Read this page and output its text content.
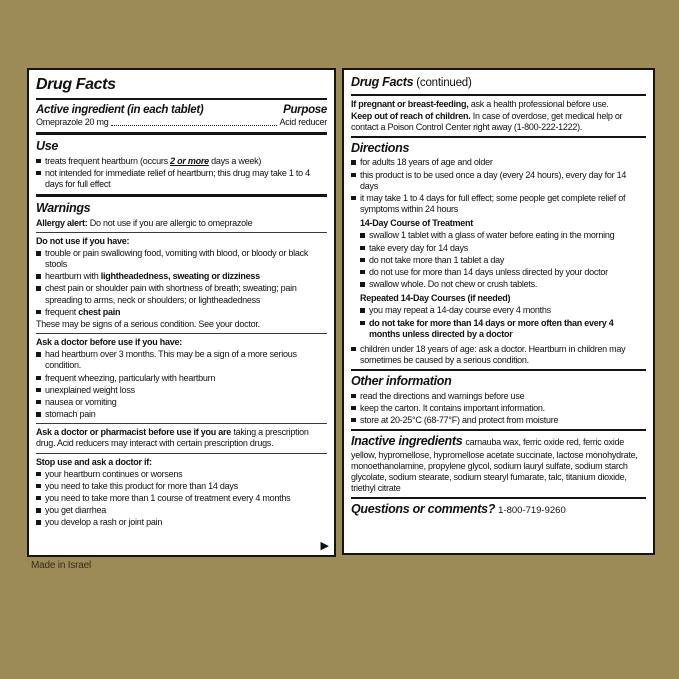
Drug Facts
Active ingredient (in each tablet)	Purpose
Omeprazole 20 mg	Acid reducer
Use
treats frequent heartburn (occurs 2 or more days a week)
not intended for immediate relief of heartburn; this drug may take 1 to 4 days for full effect
Warnings
Allergy alert: Do not use if you are allergic to omeprazole
Do not use if you have:
trouble or pain swallowing food, vomiting with blood, or bloody or black stools
heartburn with lightheadedness, sweating or dizziness
chest pain or shoulder pain with shortness of breath; sweating; pain spreading to arms, neck or shoulders; or lightheadedness
frequent chest pain
These may be signs of a serious condition. See your doctor.
Ask a doctor before use if you have:
had heartburn over 3 months. This may be a sign of a more serious condition.
frequent wheezing, particularly with heartburn
unexplained weight loss
nausea or vomiting
stomach pain
Ask a doctor or pharmacist before use if you are taking a prescription drug. Acid reducers may interact with certain prescription drugs.
Stop use and ask a doctor if:
your heartburn continues or worsens
you need to take this product for more than 14 days
you need to take more than 1 course of treatment every 4 months
you get diarrhea
you develop a rash or joint pain
▶
Drug Facts (continued)
If pregnant or breast-feeding, ask a health professional before use.
Keep out of reach of children. In case of overdose, get medical help or contact a Poison Control Center right away (1-800-222-1222).
Directions
for adults 18 years of age and older
this product is to be used once a day (every 24 hours), every day for 14 days
it may take 1 to 4 days for full effect; some people get complete relief of symptoms within 24 hours
14-Day Course of Treatment
swallow 1 tablet with a glass of water before eating in the morning
take every day for 14 days
do not take more than 1 tablet a day
do not use for more than 14 days unless directed by your doctor
swallow whole. Do not chew or crush tablets.
Repeated 14-Day Courses (if needed)
you may repeat a 14-day course every 4 months
do not take for more than 14 days or more often than every 4 months unless directed by a doctor
children under 18 years of age: ask a doctor. Heartburn in children may sometimes be caused by a serious condition.
Other information
read the directions and warnings before use
keep the carton. It contains important information.
store at 20-25°C (68-77°F) and protect from moisture
Inactive ingredients carnauba wax, ferric oxide red, ferric oxide yellow, hypromellose, hypromellose acetate succinate, lactose monohydrate, monoethanolamine, propylene glycol, sodium lauryl sulfate, sodium starch glycolate, sodium stearate, sodium stearyl fumarate, talc, titanium dioxide, triethyl citrate
Questions or comments? 1-800-719-9260
Made in Israel
